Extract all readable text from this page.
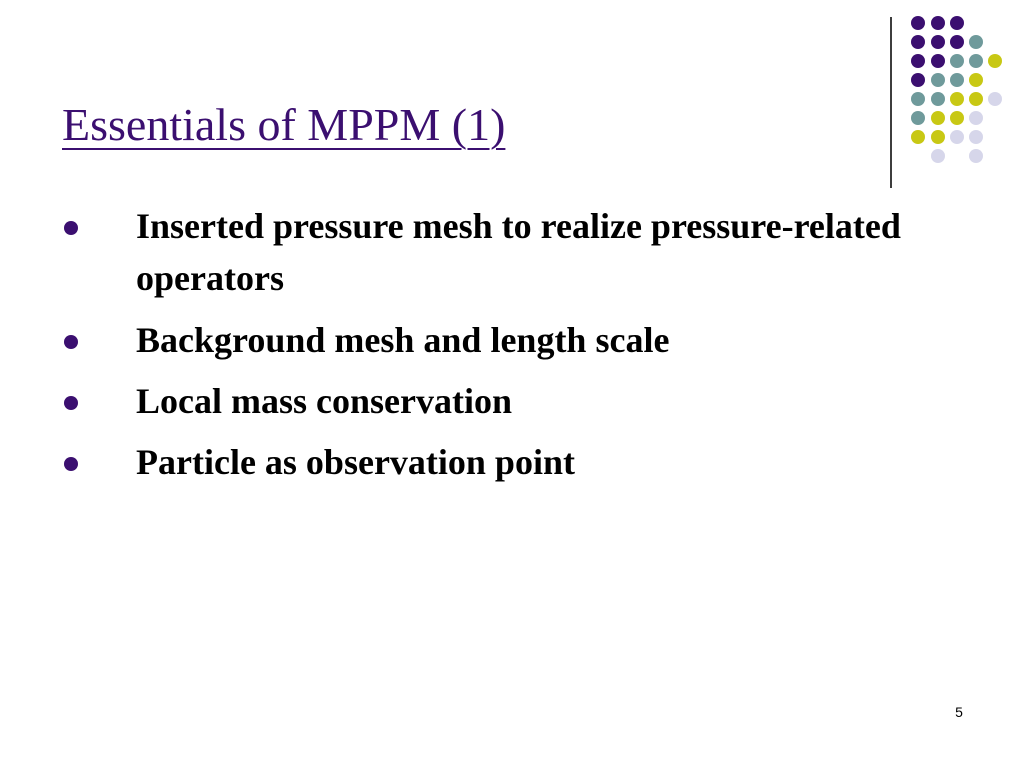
Essentials of MPPM (1)
Inserted pressure mesh to realize pressure-related operators
Background mesh and length scale
Local mass conservation
Particle as observation point
5
